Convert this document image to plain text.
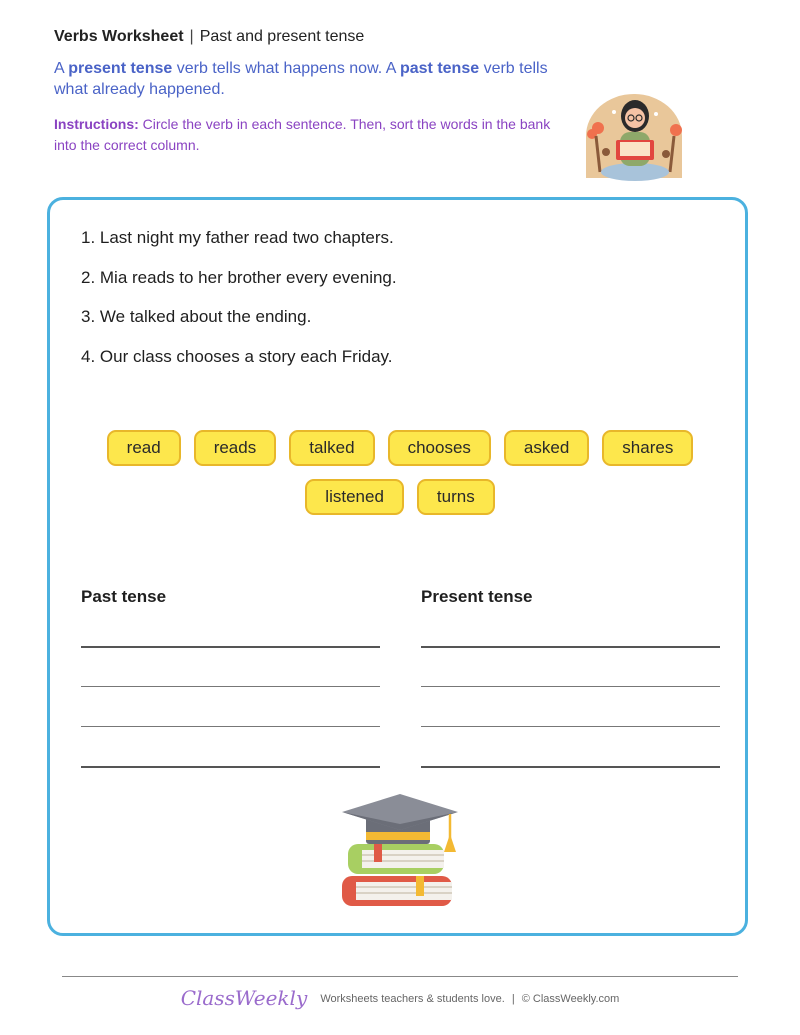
Verbs Worksheet | Past and present tense
A present tense verb tells what happens now. A past tense verb tells what already happened.
Instructions: Circle the verb in each sentence. Then, sort the words in the bank into the correct column.
1. Last night my father read two chapters.
2. Mia reads to her brother every evening.
3. We talked about the ending.
4. Our class chooses a story each Friday.
read	reads	talked	chooses	asked	shares
listened	turns
Past tense	Present tense
ClassWeekly Worksheets teachers & students love. | © ClassWeekly.com
